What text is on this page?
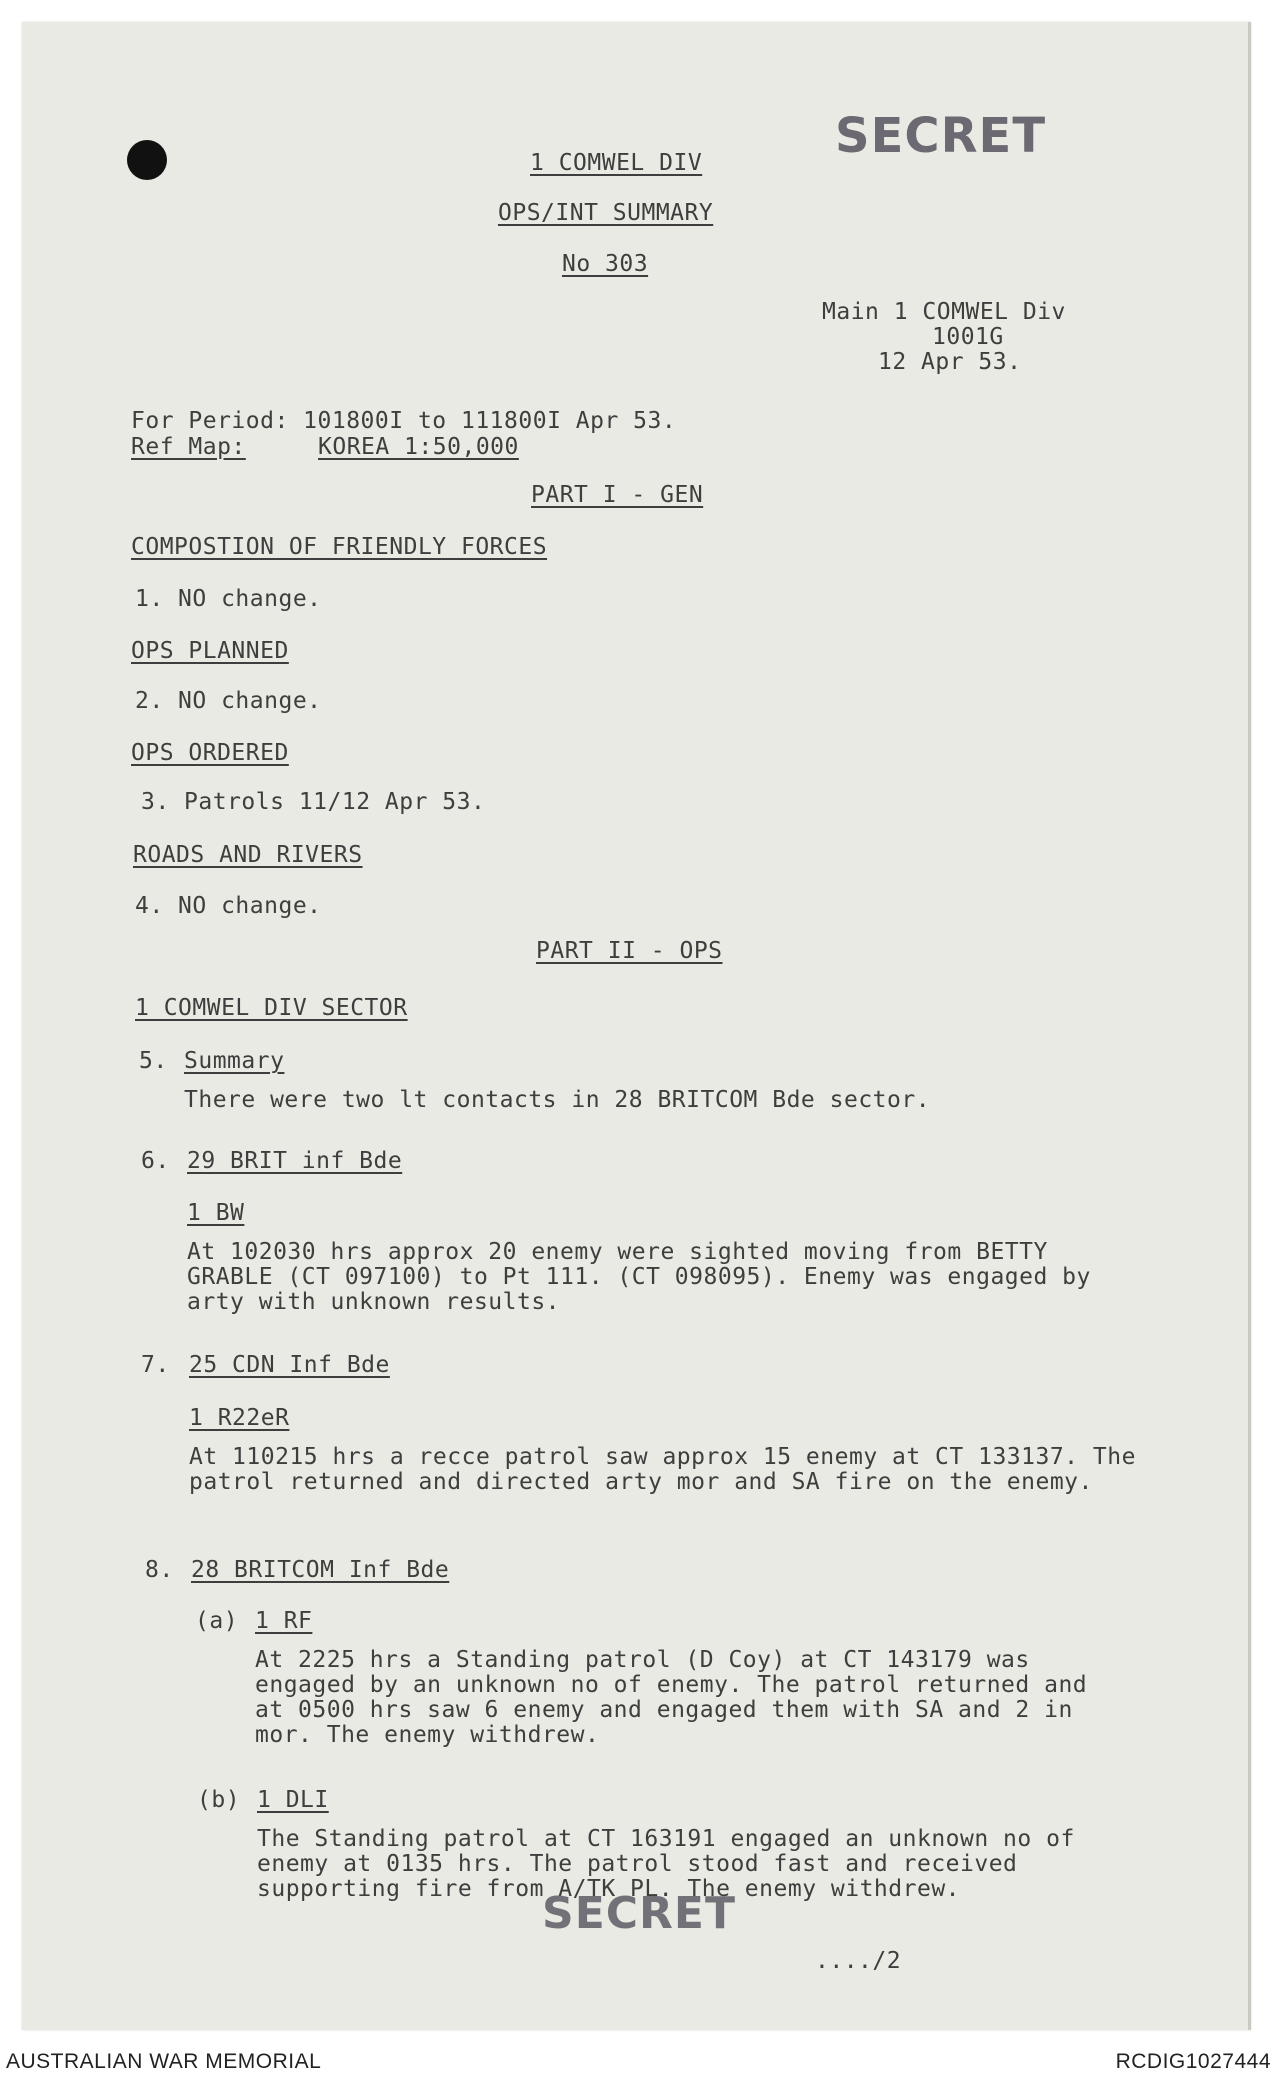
SECRET
1 COMWEL DIV
OPS/INT SUMMARY
No 303
Main 1 COMWEL Div
1001G
12 Apr 53.
For Period: 101800I to 111800I Apr 53.
Ref Map:	KOREA 1:50,000
PART I - GEN
COMPOSTION OF FRIENDLY FORCES
1. NO change.
OPS PLANNED
2. NO change.
OPS ORDERED
3. Patrols 11/12 Apr 53.
ROADS AND RIVERS
4. NO change.
PART II - OPS
1 COMWEL DIV SECTOR
5. Summary
There were two lt contacts in 28 BRITCOM Bde sector.
6. 29 BRIT inf Bde
1 BW
At 102030 hrs approx 20 enemy were sighted moving from BETTY GRABLE (CT 097100) to Pt 111. (CT 098095). Enemy was engaged by arty with unknown results.
7. 25 CDN Inf Bde
1 R22eR
At 110215 hrs a recce patrol saw approx 15 enemy at CT 133137. The patrol returned and directed arty mor and SA fire on the enemy.
8. 28 BRITCOM Inf Bde
(a) 1 RF
At 2225 hrs a Standing patrol (D Coy) at CT 143179 was engaged by an unknown no of enemy. The patrol returned and at 0500 hrs saw 6 enemy and engaged them with SA and 2 in mor. The enemy withdrew.
(b) 1 DLI
The Standing patrol at CT 163191 engaged an unknown no of enemy at 0135 hrs. The patrol stood fast and received supporting fire from A/TK PL. The enemy withdrew.
SECRET
..../2
AUSTRALIAN WAR MEMORIAL	RCDIG1027444
